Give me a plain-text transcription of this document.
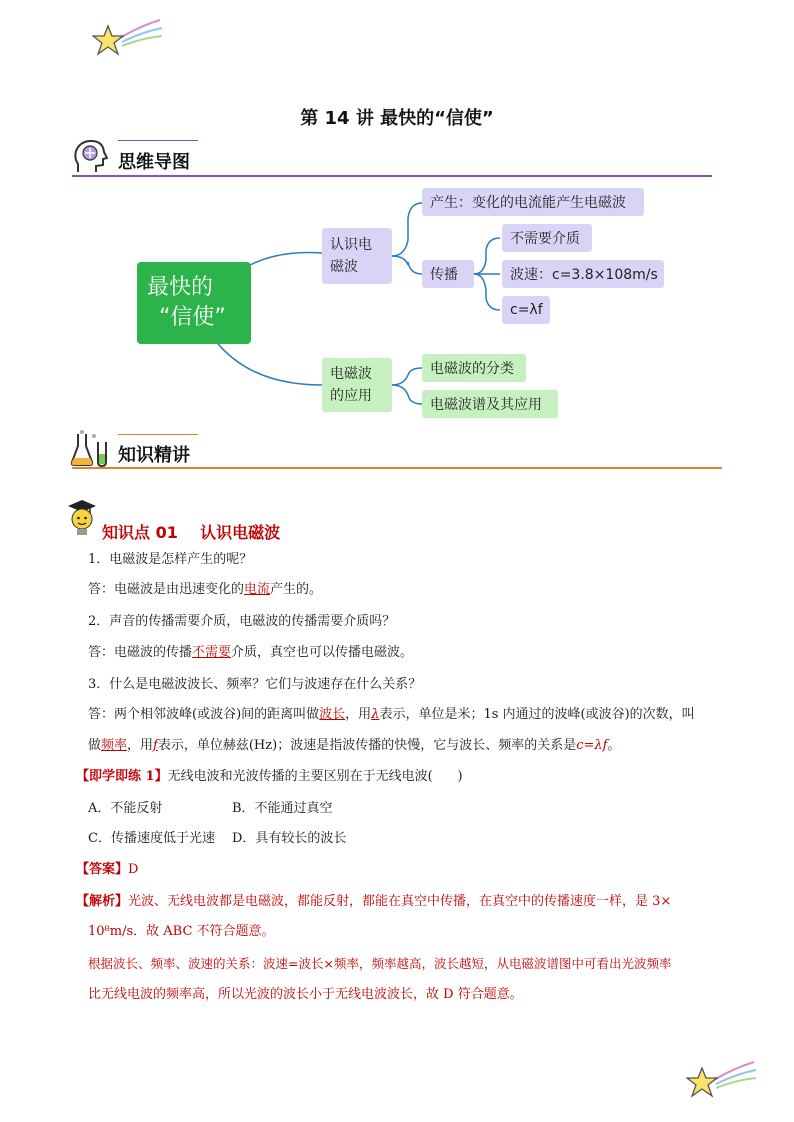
第 14 讲 最快的“信使”
思维导图
最快的
“信使”
认识电
磁波
产生：变化的电流能产生电磁波
传播
不需要介质
波速：c=3.8×108m/s
c=λf
电磁波
的应用
电磁波的分类
电磁波谱及其应用
知识精讲
知识点 01    认识电磁波
1．电磁波是怎样产生的呢？
答：电磁波是由迅速变化的电流产生的。
2．声音的传播需要介质，电磁波的传播需要介质吗？
答：电磁波的传播不需要介质，真空也可以传播电磁波。
3．什么是电磁波波长、频率？它们与波速存在什么关系？
答：两个相邻波峰(或波谷)间的距离叫做波长，用λ表示，单位是米；1s 内通过的波峰(或波谷)的次数，叫
做频率，用f表示，单位赫兹(Hz)；波速是指波传播的快慢，它与波长、频率的关系是c=λf。
【即学即练 1】无线电波和光波传播的主要区别在于无线电波(      )
A．不能反射	B．不能通过真空
C．传播速度低于光速 D．具有较长的波长
【答案】D
【解析】光波、无线电波都是电磁波，都能反射，都能在真空中传播，在真空中的传播速度一样，是 3×
10⁸m/s．故 ABC 不符合题意。
根据波长、频率、波速的关系：波速=波长×频率，频率越高，波长越短，从电磁波谱图中可看出光波频率
比无线电波的频率高，所以光波的波长小于无线电波波长，故 D 符合题意。
